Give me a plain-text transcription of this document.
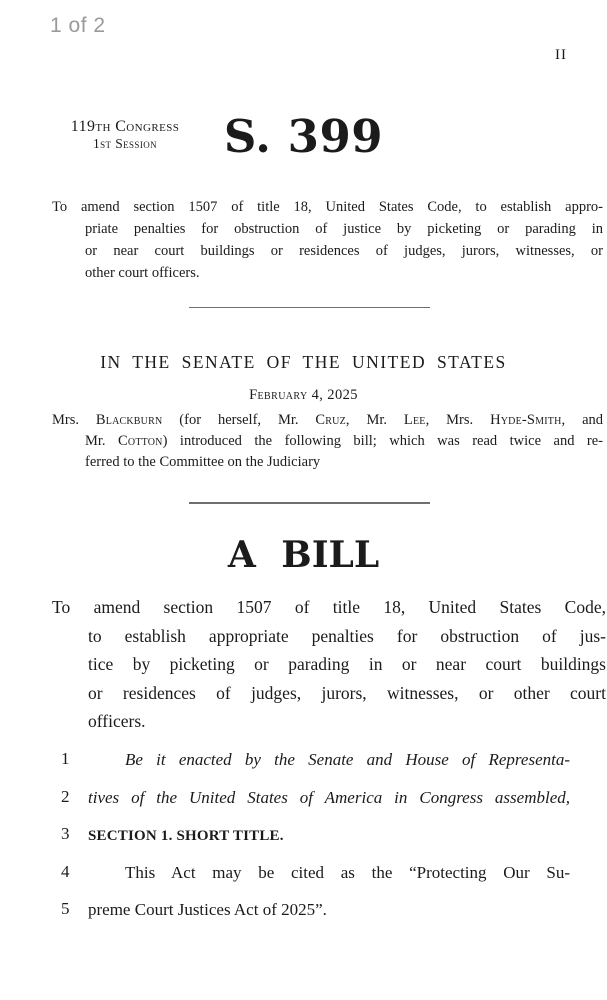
1 of 2
II
119th Congress
1st Session	S. 399
To amend section 1507 of title 18, United States Code, to establish appro-
priate penalties for obstruction of justice by picketing or parading in
or near court buildings or residences of judges, jurors, witnesses, or
other court officers.
IN THE SENATE OF THE UNITED STATES
February 4, 2025
Mrs. Blackburn (for herself, Mr. Cruz, Mr. Lee, Mrs. Hyde-Smith, and
Mr. Cotton) introduced the following bill; which was read twice and re-
ferred to the Committee on the Judiciary
A BILL
To amend section 1507 of title 18, United States Code,
to establish appropriate penalties for obstruction of jus-
tice by picketing or parading in or near court buildings
or residences of judges, jurors, witnesses, or other court
officers.
1	Be it enacted by the Senate and House of Representa-
2	tives of the United States of America in Congress assembled,
3	SECTION 1. SHORT TITLE.
4	This Act may be cited as the “Protecting Our Su-
5	preme Court Justices Act of 2025”.
